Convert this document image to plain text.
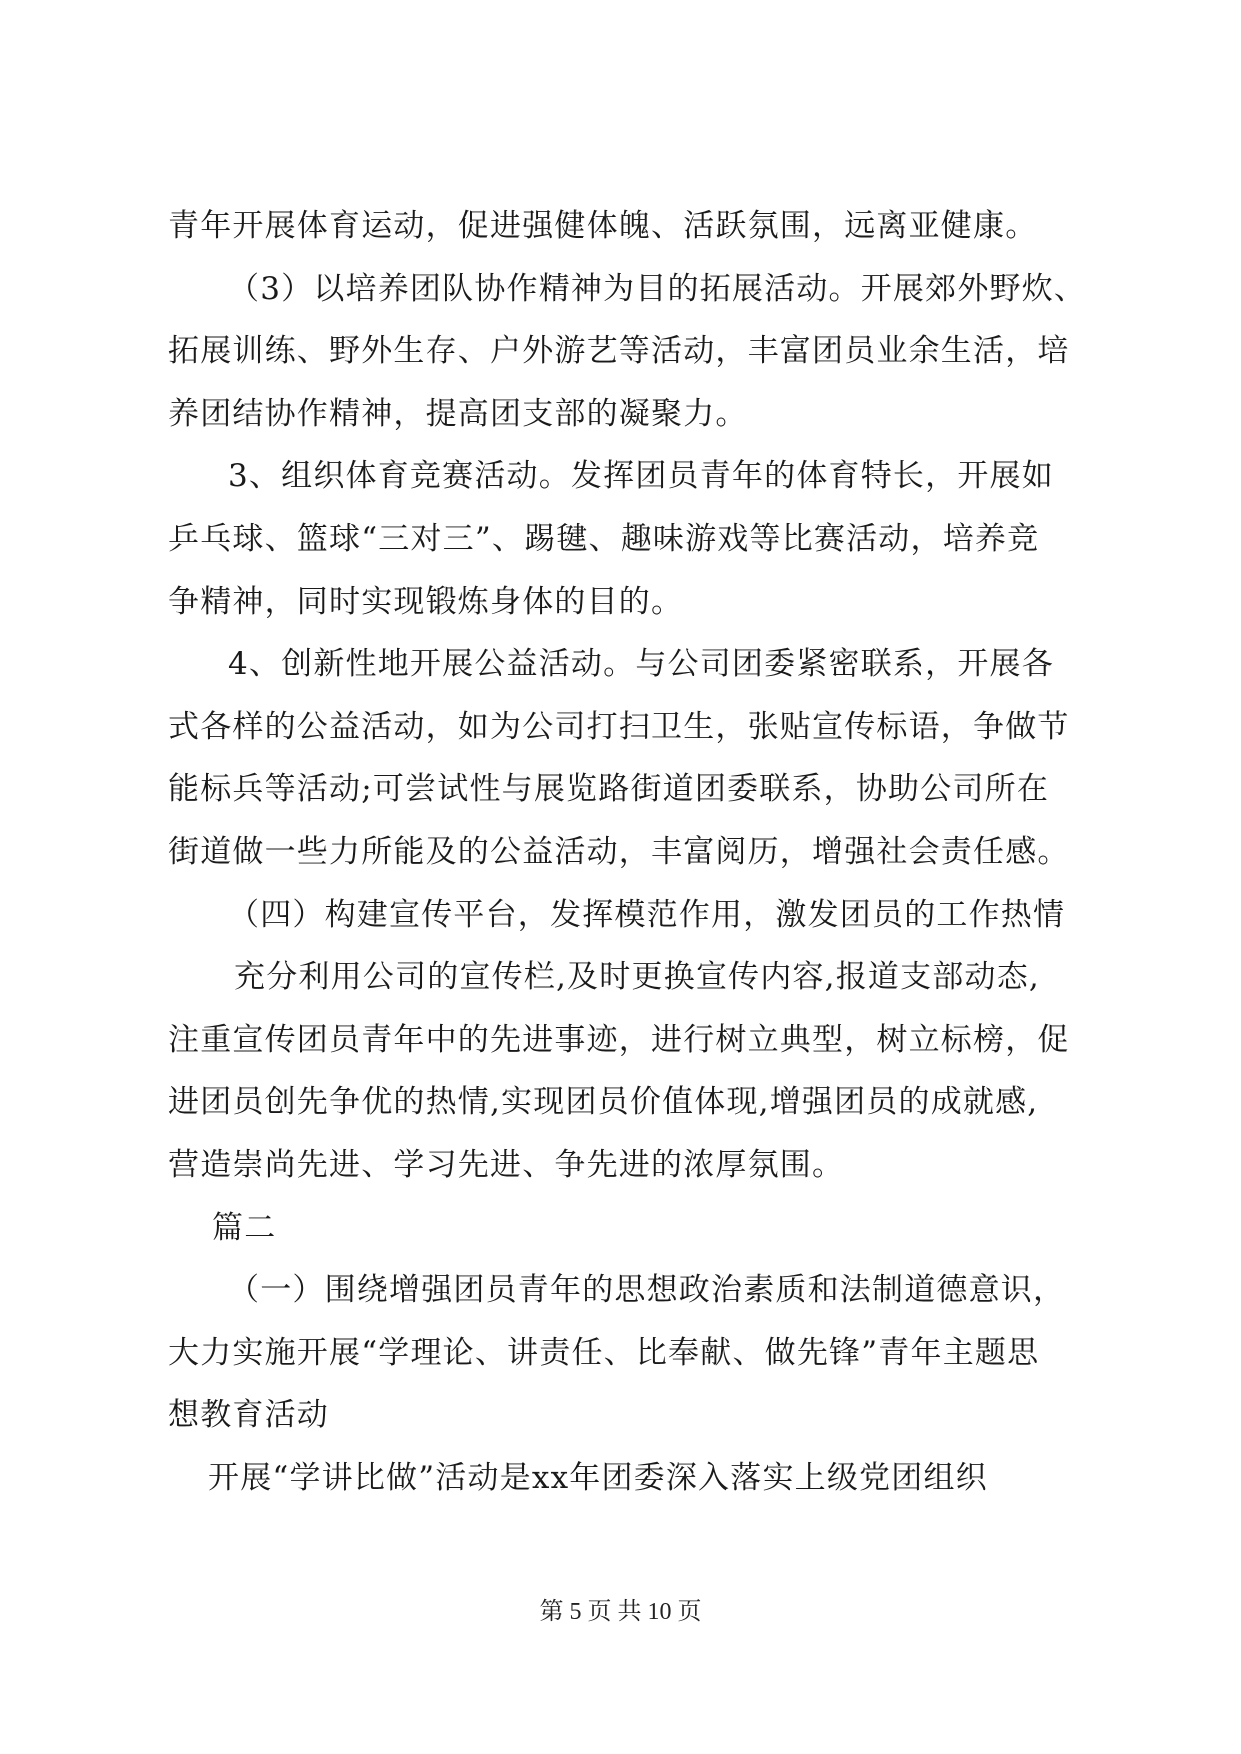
青年开展体育运动，促进强健体魄、活跃氛围，远离亚健康。
（3）以培养团队协作精神为目的拓展活动。开展郊外野炊、
拓展训练、野外生存、户外游艺等活动，丰富团员业余生活，培
养团结协作精神，提高团支部的凝聚力。
3、组织体育竞赛活动。发挥团员青年的体育特长，开展如
乒乓球、篮球“三对三”、踢毽、趣味游戏等比赛活动，培养竞
争精神，同时实现锻炼身体的目的。
4、创新性地开展公益活动。与公司团委紧密联系，开展各
式各样的公益活动，如为公司打扫卫生，张贴宣传标语，争做节
能标兵等活动;可尝试性与展览路街道团委联系，协助公司所在
街道做一些力所能及的公益活动，丰富阅历，增强社会责任感。
（四）构建宣传平台，发挥模范作用，激发团员的工作热情
充分利用公司的宣传栏,及时更换宣传内容,报道支部动态,
注重宣传团员青年中的先进事迹，进行树立典型，树立标榜，促
进团员创先争优的热情,实现团员价值体现,增强团员的成就感,
营造崇尚先进、学习先进、争先进的浓厚氛围。
篇二
（一）围绕增强团员青年的思想政治素质和法制道德意识，
大力实施开展“学理论、讲责任、比奉献、做先锋”青年主题思
想教育活动
开展“学讲比做”活动是xx年团委深入落实上级党团组织
第 5 页 共 10 页
